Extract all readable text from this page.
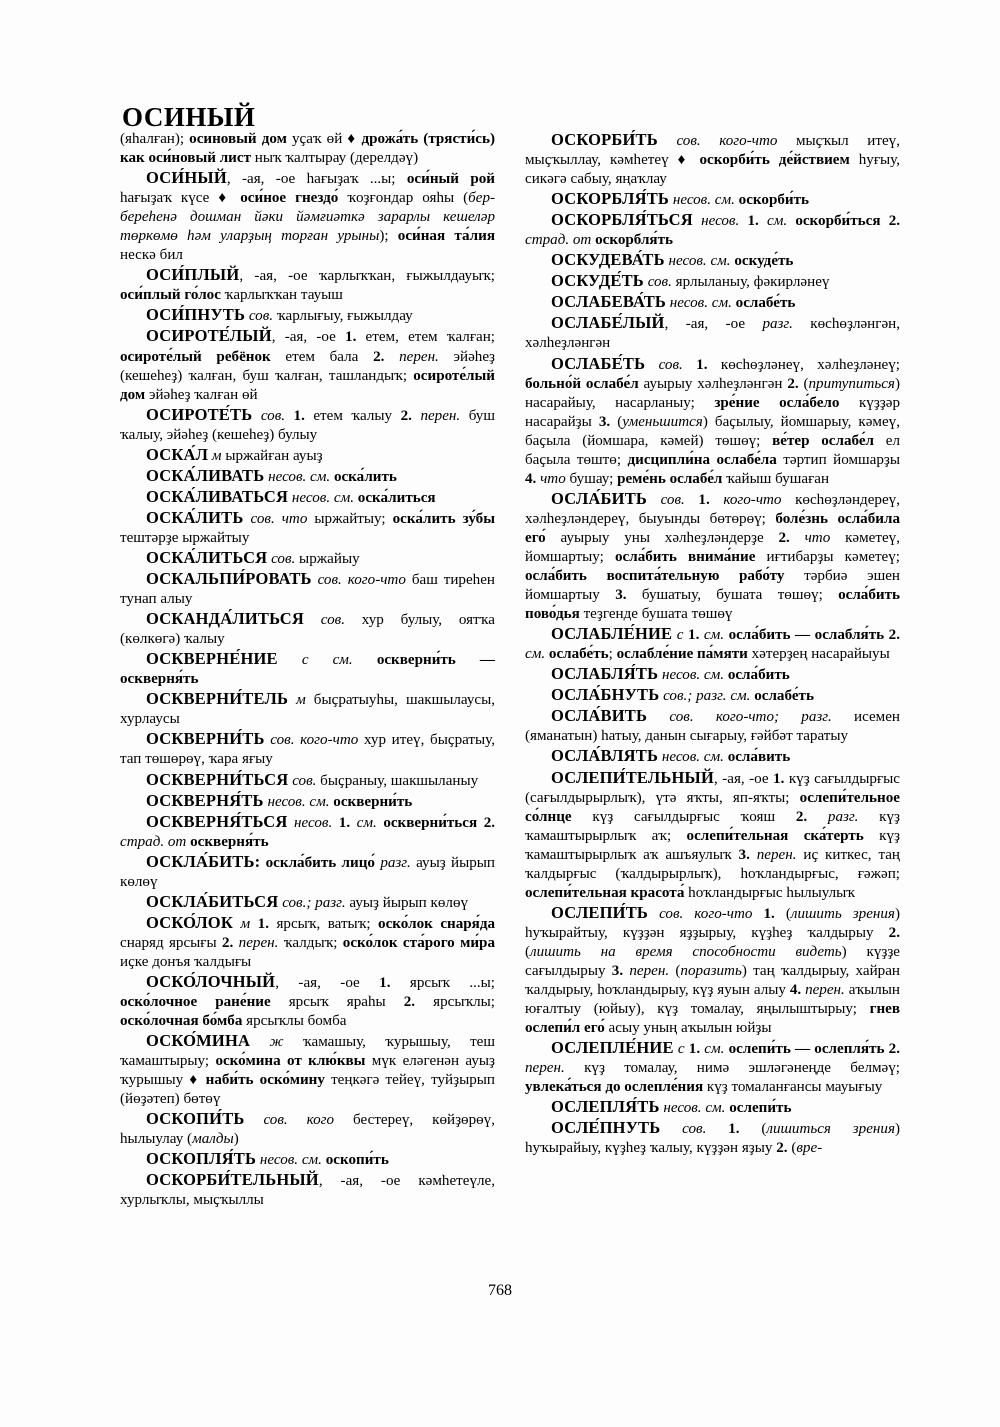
ОСИНЫЙ

(яһалған); осиновый дом уҫаҡ өй ♦ дрожа́ть (трясти́сь) как оси́новый лист ныҡ ҡалтырау (дерелдәү)

ОСИ́НЫЙ, -ая, -ое һағыҙаҡ ...ы; оси́ный рой һағыҙаҡ күсе ♦ оси́ное гнездо́ ҡоҙғондар ояһы (бер-береһенә дошман йәки йәмғиәткә зарарлы кешеләр төркөмө һәм уларҙың торған урыны); оси́ная та́лия нескә бил

ОСИ́ПЛЫЙ, -ая, -ое ҡарлыҡҡан, ғыжылдауыҡ; оси́плый го́лос ҡарлыҡҡан тауыш

ОСИ́ПНУТЬ сов. ҡарлығыу, ғыжылдау

ОСИРОТЕ́ЛЫЙ, -ая, -ое 1. етем, етем ҡалған; осироте́лый ребёнок етем бала 2. перен. эйәһеҙ (кешеһеҙ) ҡалған, буш ҡалған, ташландыҡ; осироте́лый дом эйәһеҙ ҡалған өй

ОСИРОТЕ́ТЬ сов. 1. етем ҡалыу 2. перен. буш ҡалыу, эйәһеҙ (кешеһеҙ) булыу

ОСКА́Л м ыржайған ауыҙ

ОСКА́ЛИВАТЬ несов. см. оска́лить

ОСКА́ЛИВАТЬСЯ несов. см. оска́литься

ОСКА́ЛИТЬ сов. что ыржайтыу; оска́лить зу́бы тештәрҙе ыржайтыу

ОСКА́ЛИТЬСЯ сов. ыржайыу

ОСКАЛЬПИ́РОВАТЬ сов. кого-что баш тиреһен тунап алыу

ОСКАНДА́ЛИТЬСЯ сов. хур булыу, оятҡа (көлкөгә) ҡалыу

ОСКВЕРНЕ́НИЕ с см. оскверни́ть — оскверня́ть

ОСКВЕРНИ́ТЕЛЬ м быҫратыуһы, шакшылаусы, хурлаусы

ОСКВЕРНИ́ТЬ сов. кого-что хур итеү, быҫратыу, тап төшөрөү, ҡара яғыу

ОСКВЕРНИ́ТЬСЯ сов. быҫраныу, шакшыланыу

ОСКВЕРНЯ́ТЬ несов. см. оскверни́ть

ОСКВЕРНЯ́ТЬСЯ несов. 1. см. оскверни́ться 2. страд. от оскверня́ть

ОСКЛА́БИТЬ: оскла́бить лицо́ разг. ауыҙ йырып көлөү

ОСКЛА́БИТЬСЯ сов.; разг. ауыҙ йырып көлөү

ОСКО́ЛОК м 1. ярсыҡ, ватыҡ; оско́лок снаря́да снаряд ярсығы 2. перен. ҡалдыҡ; оско́лок ста́рого ми́ра иҫке донъя ҡалдығы

ОСКО́ЛОЧНЫЙ, -ая, -ое 1. ярсыҡ ...ы; оско́лочное ране́ние ярсыҡ яраһы 2. ярсыҡлы; оско́лочная бо́мба ярсыҡлы бомба

ОСКО́МИНА ж ҡамашыу, ҡурышыу, теш ҡамаштырыу; оско́мина от клю́квы мүк еләгенән ауыҙ ҡурышыу ♦ наби́ть оско́мину теңкәгә тейеү, туйҙырып (йөҙәтеп) бөтөү

ОСКОПИ́ТЬ сов. кого бестереү, көйҙөрөү, һылыулау (малды)

ОСКОПЛЯ́ТЬ несов. см. оскопи́ть

ОСКОРБИ́ТЕЛЬНЫЙ, -ая, -ое кәмһетеүле, хурлыҡлы, мыҫҡыллы

ОСКОРБИ́ТЬ сов. кого-что мыҫҡыл итеү, мыҫҡыллау, кәмһетеү ♦ оскорби́ть де́йствием һуғыу, сикәгә сабыу, яңаҡлау

ОСКОРБЛЯ́ТЬ несов. см. оскорби́ть

ОСКОРБЛЯ́ТЬСЯ несов. 1. см. оскорби́ться 2. страд. от оскорбля́ть

ОСКУДЕВА́ТЬ несов. см. оскуде́ть

ОСКУДЕ́ТЬ сов. ярлыланыу, фәкирләнеү

ОСЛАБЕВА́ТЬ несов. см. ослабе́ть

ОСЛАБЕ́ЛЫЙ, -ая, -ое разг. көсһөҙләнгән, хәлһеҙләнгән

ОСЛАБЕ́ТЬ сов. 1. көсһөҙләнеү, хәлһеҙләнеү; больно́й ослабе́л ауырыу хәлһеҙләнгән 2. (притупиться) насарайыу, насарланыу; зре́ние осла́бело күҙҙәр насарайҙы 3. (уменьшится) баҫылыу, йомшарыу, кәмеү, баҫыла (йомшара, кәмей) төшөү; ве́тер ослабе́л ел баҫыла төштө; дисципли́на ослабе́ла тәртип йомшарҙы 4. что бушау; реме́нь ослабе́л ҡайыш бушаған

ОСЛА́БИТЬ сов. 1. кого-что көсһөҙләндереү, хәлһеҙләндереү, быуынды бөтөрөү; боле́знь осла́била его́ ауырыу уны хәлһеҙләндерҙе 2. что кәметеү, йомшартыу; осла́бить внима́ние иғтибарҙы кәметеү; осла́бить воспита́тельную рабо́ту тәрбиә эшен йомшартыу 3. бушатыу, бушата төшөү; осла́бить пово́дья теҙгенде бушата төшөү

ОСЛАБЛЕ́НИЕ с 1. см. осла́бить — ослабля́ть 2. см. ослабе́ть; ослабле́ние па́мяти хәтерҙең насарайыуы

ОСЛАБЛЯ́ТЬ несов. см. осла́бить

ОСЛА́БНУТЬ сов.; разг. см. ослабе́ть

ОСЛА́ВИТЬ сов. кого-что; разг. исемен (яманатын) һатыу, данын сығарыу, ғәйбәт таратыу

ОСЛА́ВЛЯТЬ несов. см. осла́вить

ОСЛЕПИ́ТЕЛЬНЫЙ, -ая, -ое 1. күҙ сағылдырғыс (сағылдырырлыҡ), үтә яҡты, яп-яҡты; ослепи́тельное со́лнце күҙ сағылдырғыс ҡояш 2. разг. күҙ ҡамаштырырлыҡ аҡ; ослепи́тельная ска́терть күҙ ҡамаштырырлыҡ аҡ ашъяулыҡ 3. перен. иҫ киткес, таң ҡалдырғыс (ҡалдырырлыҡ), һоҡландырғыс, ғәжәп; ослепи́тельная красота́ һоҡландырғыс һылыулыҡ

ОСЛЕПИ́ТЬ сов. кого-что 1. (лишить зрения) һуҡырайтыу, күҙҙән яҙҙырыу, күҙһеҙ ҡалдырыу 2. (лишить на время способности видеть) күҙҙе сағылдырыу 3. перен. (поразить) таң ҡалдырыу, хайран ҡалдырыу, һоҡландырыу, күҙ яуын алыу 4. перен. аҡылын юғалтыу (юйыу), күҙ томалау, яңылыштырыу; гнев ослепи́л его́ асыу уның аҡылын юйҙы

ОСЛЕПЛЕ́НИЕ с 1. см. ослепи́ть — ослепля́ть 2. перен. күҙ томалау, нимә эшләгәнеңде белмәү; увлека́ться до ослепле́ния күҙ томаланғансы мауығыу

ОСЛЕПЛЯ́ТЬ несов. см. ослепи́ть

ОСЛЕ́ПНУТЬ сов. 1. (лишиться зрения) һуҡырайыу, күҙһеҙ ҡалыу, күҙҙән яҙыу 2. (вре-

768
